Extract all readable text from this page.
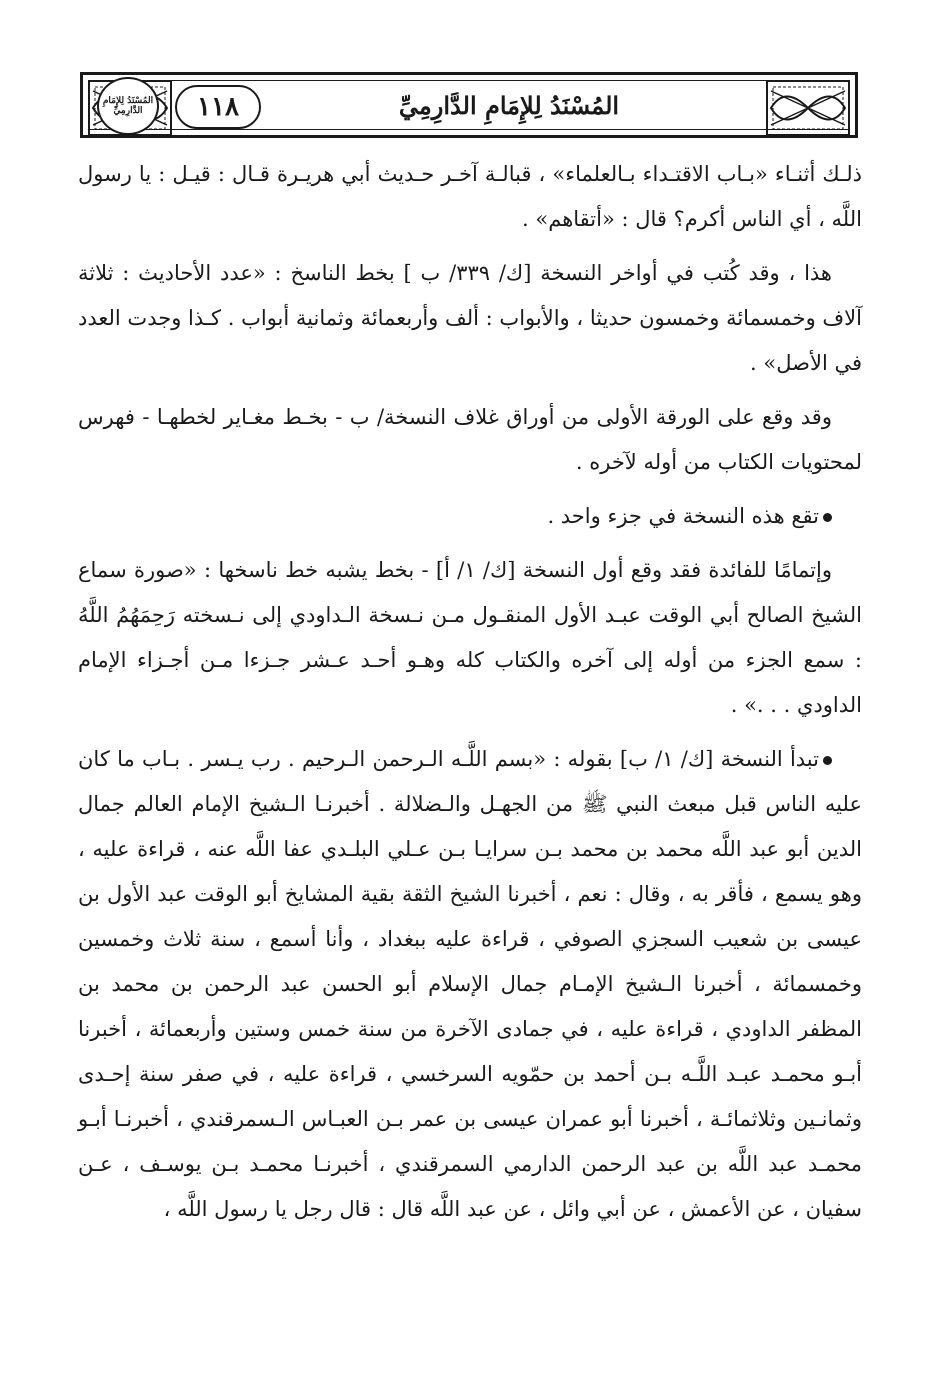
المُسْنَدُ لِلإِمَامِ الدَّارِمِيِّ	١١٨	المُسْنَدُ لِلإِمَامِ الدَّارِمِيِّ

ذلـك أثنـاء «بـاب الاقتـداء بـالعلماء» ، قبالـة آخـر حـديث أبي هريـرة قـال : قيـل : يا رسول اللَّه ، أي الناس أكرم؟ قال : «أتقاهم» .

هذا ، وقد كُتب في أواخر النسخة [ك/ ٣٣٩/ ب ] بخط الناسخ : «عدد الأحاديث : ثلاثة آلاف وخمسمائة وخمسون حديثا ، والأبواب : ألف وأربعمائة وثمانية أبواب . كـذا وجدت العدد في الأصل» .

وقد وقع على الورقة الأولى من أوراق غلاف النسخة/ ب - بخـط مغـاير لخطهـا - فهرس لمحتويات الكتاب من أوله لآخره .

تقع هذه النسخة في جزء واحد .

وإتمامًا للفائدة فقد وقع أول النسخة [ك/ ١/ أ] - بخط يشبه خط ناسخها : «صورة سماع الشيخ الصالح أبي الوقت عبـد الأول المنقـول مـن نـسخة الـداودي إلى نـسخته رَحِمَهُمُ اللَّهُ : سمع الجزء من أوله إلى آخره والكتاب كله وهـو أحـد عـشر جـزءا مـن أجـزاء الإمام الداودي . . .» .

تبدأ النسخة [ك/ ١/ ب] بقوله : «بسم اللَّـه الـرحمن الـرحيم . رب يـسر . بـاب ما كان عليه الناس قبل مبعث النبي ﷺ من الجهـل والـضلالة . أخبرنـا الـشيخ الإمام العالم جمال الدين أبو عبد اللَّه محمد بن محمد بـن سرايـا بـن عـلي البلـدي عفا اللَّه عنه ، قراءة عليه ، وهو يسمع ، فأقر به ، وقال : نعم ، أخبرنا الشيخ الثقة بقية المشايخ أبو الوقت عبد الأول بن عيسى بن شعيب السجزي الصوفي ، قراءة عليه ببغداد ، وأنا أسمع ، سنة ثلاث وخمسين وخمسمائة ، أخبرنا الـشيخ الإمـام جمال الإسلام أبو الحسن عبد الرحمن بن محمد بن المظفر الداودي ، قراءة عليه ، في جمادى الآخرة من سنة خمس وستين وأربعمائة ، أخبرنا أبـو محمـد عبـد اللَّـه بـن أحمد بن حمّويه السرخسي ، قراءة عليه ، في صفر سنة إحـدى وثمانـين وثلاثمائـة ، أخبرنا أبو عمران عيسى بن عمر بـن العبـاس الـسمرقندي ، أخبرنـا أبـو محمـد عبد اللَّه بن عبد الرحمن الدارمي السمرقندي ، أخبرنـا محمـد بـن يوسـف ، عـن سفيان ، عن الأعمش ، عن أبي وائل ، عن عبد اللَّه قال : قال رجل يا رسول اللَّه ،
